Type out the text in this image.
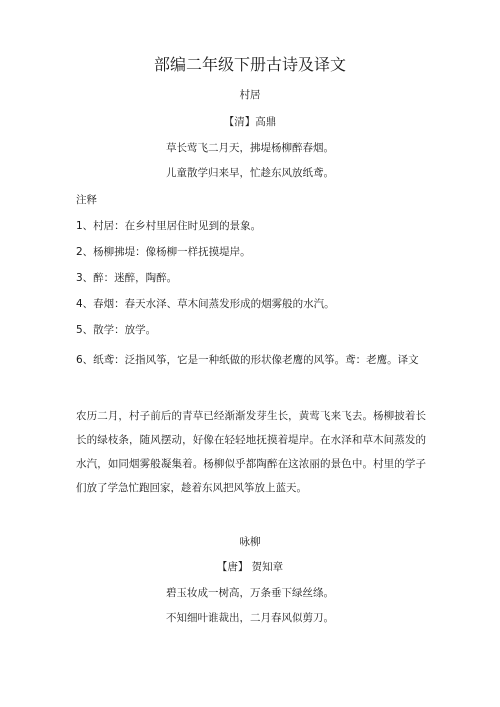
部编二年级下册古诗及译文

村居

【清】高鼎

草长莺飞二月天，拂堤杨柳醉春烟。

儿童散学归来早，忙趁东风放纸鸢。

注释

1、村居：在乡村里居住时见到的景象。

2、杨柳拂堤：像杨柳一样抚摸堤岸。

3、醉：迷醉，陶醉。

4、春烟：春天水泽、草木间蒸发形成的烟雾般的水汽。

5、散学：放学。

6、纸鸢：泛指风筝，它是一种纸做的形状像老鹰的风筝。鸢：老鹰。译文

农历二月，村子前后的青草已经渐渐发芽生长，黄莺飞来飞去。杨柳披着长长的绿枝条，随风摆动，好像在轻轻地抚摸着堤岸。在水泽和草木间蒸发的水汽，如同烟雾般凝集着。杨柳似乎都陶醉在这浓丽的景色中。村里的学子们放了学急忙跑回家，趁着东风把风筝放上蓝天。

咏柳

【唐】 贺知章

碧玉妆成一树高，万条垂下绿丝绦。

不知细叶谁裁出，二月春风似剪刀。
